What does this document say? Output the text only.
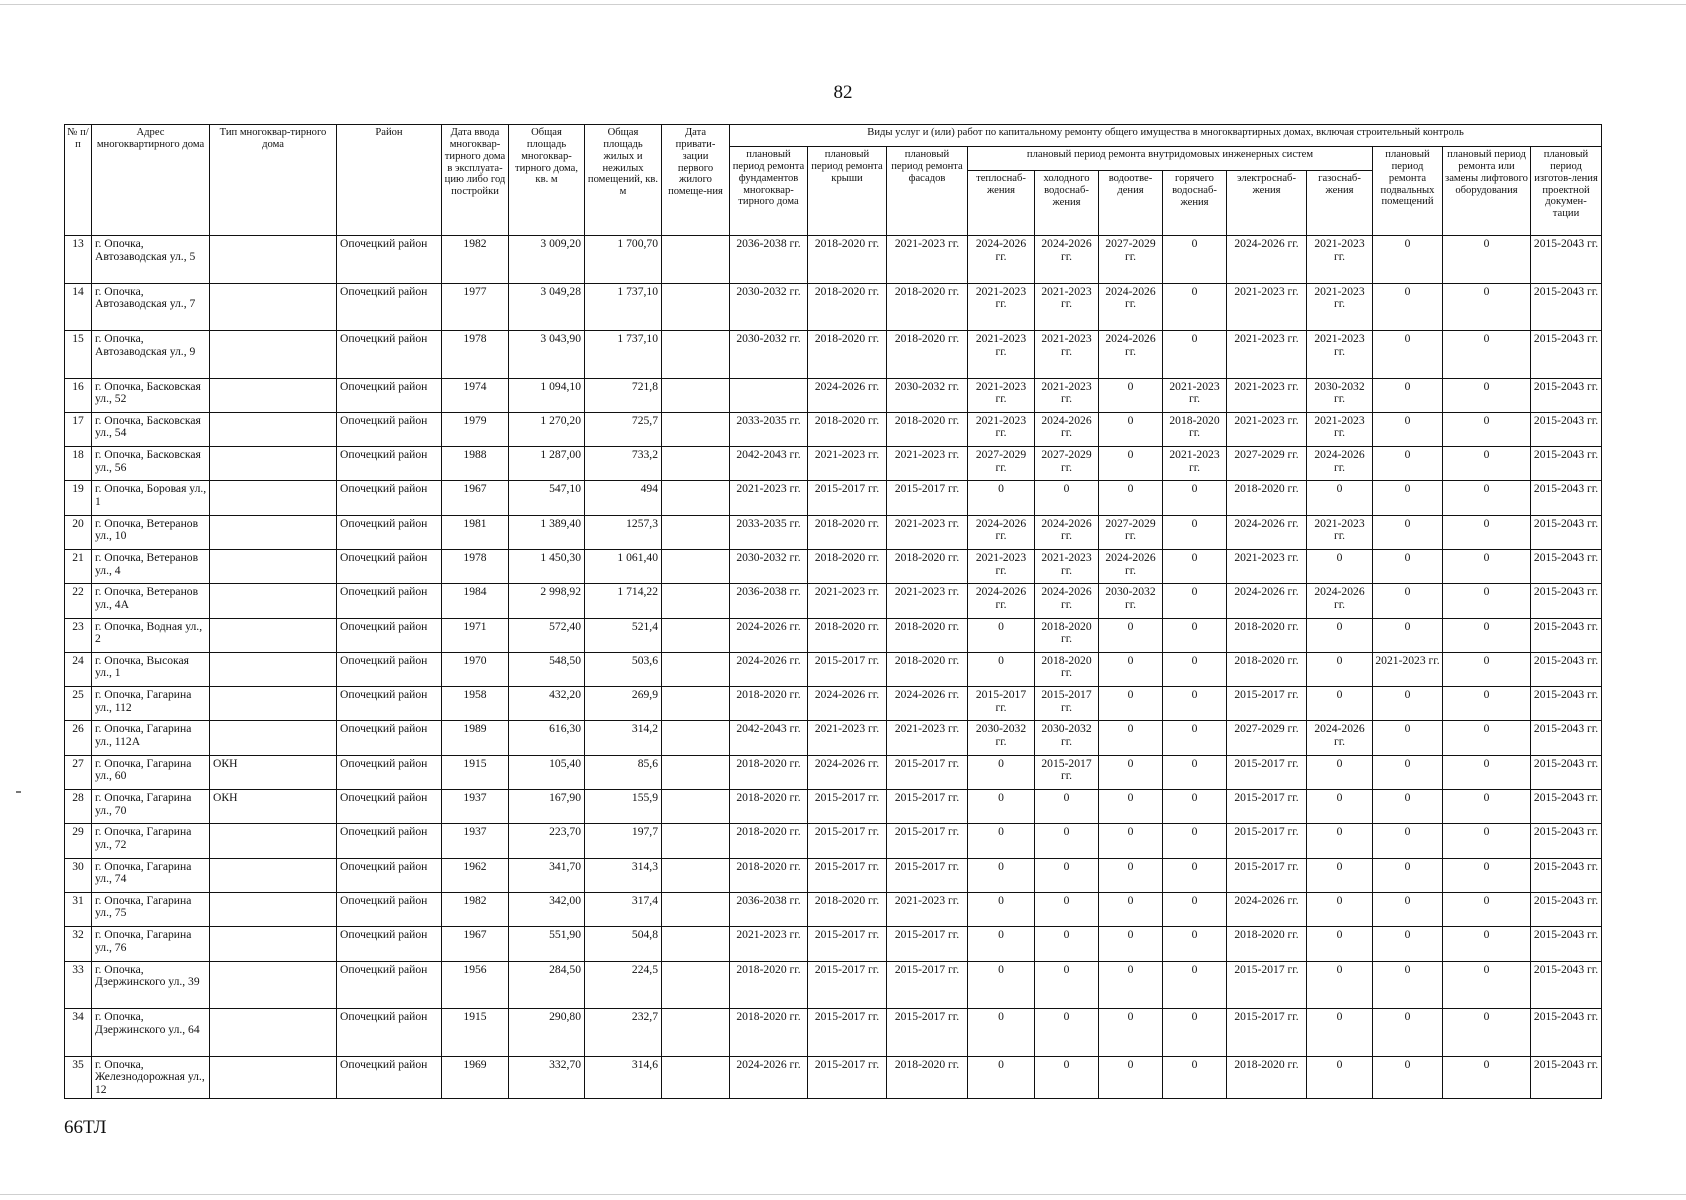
82
№ п/п	Адрес многоквартирного дома	Тип многоквар-тирного дома	Район	Дата ввода многоквар-тирного дома в эксплуата-цию либо год постройки	Общая площадь многоквар-тирного дома, кв. м	Общая площадь жилых и нежилых помещений, кв. м	Дата привати-зации первого жилого помеще-ния	Виды услуг и (или) работ по капитальному ремонту общего имущества в многоквартирных домах, включая строительный контроль											
								плановый период ремонта фундаментов многоквар-тирного дома	плановый период ремонта крыши	плановый период ремонта фасадов	плановый период ремонта внутридомовых инженерных систем						плановый период ремонта подвальных помещений	плановый период ремонта или замены лифтового оборудования	плановый период изготов-ления проектной докумен-тации
											теплоснаб-жения	холодного водоснаб-жения	водоотве-дения	горячего водоснаб-жения	электроснаб-жения	газоснаб-жения			
13	г. Опочка, Автозаводская ул., 5		Опочецкий район	1982	3 009,20	1 700,70		2036-2038 гг.	2018-2020 гг.	2021-2023 гг.	2024-2026 гг.	2024-2026 гг.	2027-2029 гг.	0	2024-2026 гг.	2021-2023 гг.	0	0	2015-2043 гг.
14	г. Опочка, Автозаводская ул., 7		Опочецкий район	1977	3 049,28	1 737,10		2030-2032 гг.	2018-2020 гг.	2018-2020 гг.	2021-2023 гг.	2021-2023 гг.	2024-2026 гг.	0	2021-2023 гг.	2021-2023 гг.	0	0	2015-2043 гг.
15	г. Опочка, Автозаводская ул., 9		Опочецкий район	1978	3 043,90	1 737,10		2030-2032 гг.	2018-2020 гг.	2018-2020 гг.	2021-2023 гг.	2021-2023 гг.	2024-2026 гг.	0	2021-2023 гг.	2021-2023 гг.	0	0	2015-2043 гг.
16	г. Опочка, Басковская ул., 52		Опочецкий район	1974	1 094,10	721,8			2024-2026 гг.	2030-2032 гг.	2021-2023 гг.	2021-2023 гг.	0	2021-2023 гг.	2021-2023 гг.	2030-2032 гг.	0	0	2015-2043 гг.
17	г. Опочка, Басковская ул., 54		Опочецкий район	1979	1 270,20	725,7		2033-2035 гг.	2018-2020 гг.	2018-2020 гг.	2021-2023 гг.	2024-2026 гг.	0	2018-2020 гг.	2021-2023 гг.	2021-2023 гг.	0	0	2015-2043 гг.
18	г. Опочка, Басковская ул., 56		Опочецкий район	1988	1 287,00	733,2		2042-2043 гг.	2021-2023 гг.	2021-2023 гг.	2027-2029 гг.	2027-2029 гг.	0	2021-2023 гг.	2027-2029 гг.	2024-2026 гг.	0	0	2015-2043 гг.
19	г. Опочка, Боровая ул., 1		Опочецкий район	1967	547,10	494		2021-2023 гг.	2015-2017 гг.	2015-2017 гг.	0	0	0	0	2018-2020 гг.	0	0	0	2015-2043 гг.
20	г. Опочка, Ветеранов ул., 10		Опочецкий район	1981	1 389,40	1257,3		2033-2035 гг.	2018-2020 гг.	2021-2023 гг.	2024-2026 гг.	2024-2026 гг.	2027-2029 гг.	0	2024-2026 гг.	2021-2023 гг.	0	0	2015-2043 гг.
21	г. Опочка, Ветеранов ул., 4		Опочецкий район	1978	1 450,30	1 061,40		2030-2032 гг.	2018-2020 гг.	2018-2020 гг.	2021-2023 гг.	2021-2023 гг.	2024-2026 гг.	0	2021-2023 гг.	0	0	0	2015-2043 гг.
22	г. Опочка, Ветеранов ул., 4А		Опочецкий район	1984	2 998,92	1 714,22		2036-2038 гг.	2021-2023 гг.	2021-2023 гг.	2024-2026 гг.	2024-2026 гг.	2030-2032 гг.	0	2024-2026 гг.	2024-2026 гг.	0	0	2015-2043 гг.
23	г. Опочка, Водная ул., 2		Опочецкий район	1971	572,40	521,4		2024-2026 гг.	2018-2020 гг.	2018-2020 гг.	0	2018-2020 гг.	0	0	2018-2020 гг.	0	0	0	2015-2043 гг.
24	г. Опочка, Высокая ул., 1		Опочецкий район	1970	548,50	503,6		2024-2026 гг.	2015-2017 гг.	2018-2020 гг.	0	2018-2020 гг.	0	0	2018-2020 гг.	0	2021-2023 гг.	0	2015-2043 гг.
25	г. Опочка, Гагарина ул., 112		Опочецкий район	1958	432,20	269,9		2018-2020 гг.	2024-2026 гг.	2024-2026 гг.	2015-2017 гг.	2015-2017 гг.	0	0	2015-2017 гг.	0	0	0	2015-2043 гг.
26	г. Опочка, Гагарина ул., 112А		Опочецкий район	1989	616,30	314,2		2042-2043 гг.	2021-2023 гг.	2021-2023 гг.	2030-2032 гг.	2030-2032 гг.	0	0	2027-2029 гг.	2024-2026 гг.	0	0	2015-2043 гг.
27	г. Опочка, Гагарина ул., 60	ОКН	Опочецкий район	1915	105,40	85,6		2018-2020 гг.	2024-2026 гг.	2015-2017 гг.	0	2015-2017 гг.	0	0	2015-2017 гг.	0	0	0	2015-2043 гг.
28	г. Опочка, Гагарина ул., 70	ОКН	Опочецкий район	1937	167,90	155,9		2018-2020 гг.	2015-2017 гг.	2015-2017 гг.	0	0	0	0	2015-2017 гг.	0	0	0	2015-2043 гг.
29	г. Опочка, Гагарина ул., 72		Опочецкий район	1937	223,70	197,7		2018-2020 гг.	2015-2017 гг.	2015-2017 гг.	0	0	0	0	2015-2017 гг.	0	0	0	2015-2043 гг.
30	г. Опочка, Гагарина ул., 74		Опочецкий район	1962	341,70	314,3		2018-2020 гг.	2015-2017 гг.	2015-2017 гг.	0	0	0	0	2015-2017 гг.	0	0	0	2015-2043 гг.
31	г. Опочка, Гагарина ул., 75		Опочецкий район	1982	342,00	317,4		2036-2038 гг.	2018-2020 гг.	2021-2023 гг.	0	0	0	0	2024-2026 гг.	0	0	0	2015-2043 гг.
32	г. Опочка, Гагарина ул., 76		Опочецкий район	1967	551,90	504,8		2021-2023 гг.	2015-2017 гг.	2015-2017 гг.	0	0	0	0	2018-2020 гг.	0	0	0	2015-2043 гг.
33	г. Опочка, Дзержинского ул., 39		Опочецкий район	1956	284,50	224,5		2018-2020 гг.	2015-2017 гг.	2015-2017 гг.	0	0	0	0	2015-2017 гг.	0	0	0	2015-2043 гг.
34	г. Опочка, Дзержинского ул., 64		Опочецкий район	1915	290,80	232,7		2018-2020 гг.	2015-2017 гг.	2015-2017 гг.	0	0	0	0	2015-2017 гг.	0	0	0	2015-2043 гг.
35	г. Опочка, Железнодорожная ул., 12		Опочецкий район	1969	332,70	314,6		2024-2026 гг.	2015-2017 гг.	2018-2020 гг.	0	0	0	0	2018-2020 гг.	0	0	0	2015-2043 гг.
66ТЛ
